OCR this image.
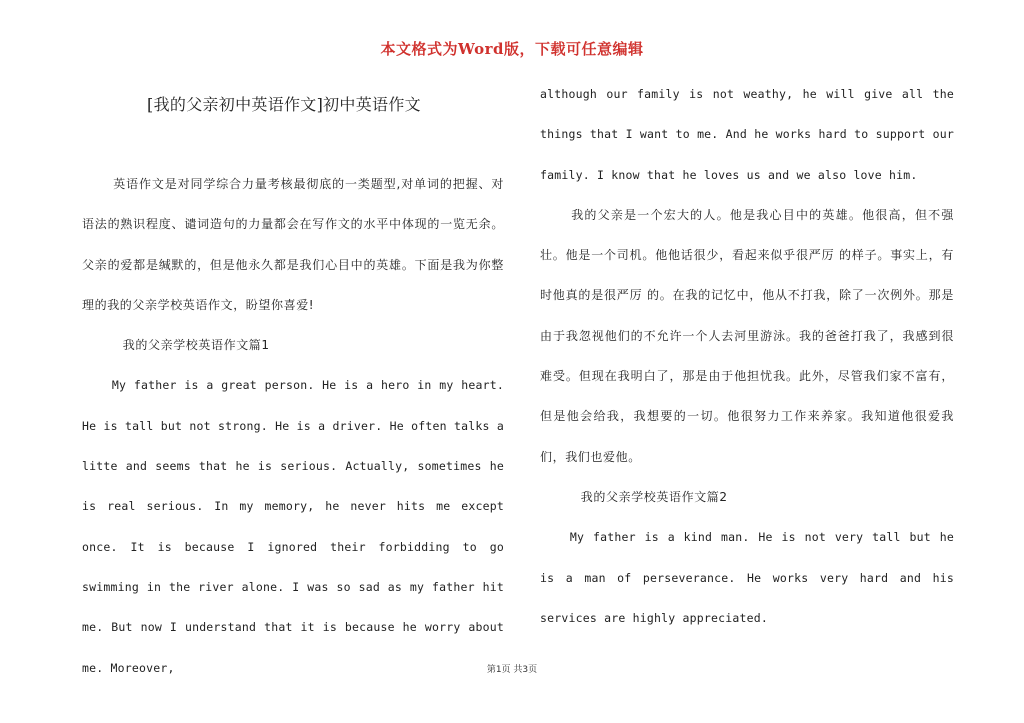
本文格式为Word版，下载可任意编辑
[我的父亲初中英语作文]初中英语作文

英语作文是对同学综合力量考核最彻底的一类题型,对单词的把握、对语法的熟识程度、谴词造句的力量都会在写作文的水平中体现的一览无余。父亲的爱都是缄默的，但是他永久都是我们心目中的英雄。下面是我为你整理的我的父亲学校英语作文，盼望你喜爱!

我的父亲学校英语作文篇1

My father is a great person. He is a hero in my heart. He is tall but not strong. He is a driver. He often talks a litte and seems that he is serious. Actually, sometimes he is real serious. In my memory, he never hits me except once. It is because I ignored their forbidding to go swimming in the river alone. I was so sad as my father hit me. But now I understand that it is because he worry about me. Moreover,

although our family is not weathy, he will give all the things that I want to me. And he works hard to support our family. I know that he loves us and we also love him.

我的父亲是一个宏大的人。他是我心目中的英雄。他很高，但不强壮。他是一个司机。他他话很少，看起来似乎很严厉 的样子。事实上，有时他真的是很严厉 的。在我的记忆中，他从不打我，除了一次例外。那是由于我忽视他们的不允许一个人去河里游泳。我的爸爸打我了，我感到很难受。但现在我明白了，那是由于他担忧我。此外，尽管我们家不富有，但是他会给我，我想要的一切。他很努力工作来养家。我知道他很爱我们，我们也爱他。

我的父亲学校英语作文篇2

My father is a kind man. He is not very tall but he is a man of perseverance. He works very hard and his services are highly appreciated.

第1页 共3页
